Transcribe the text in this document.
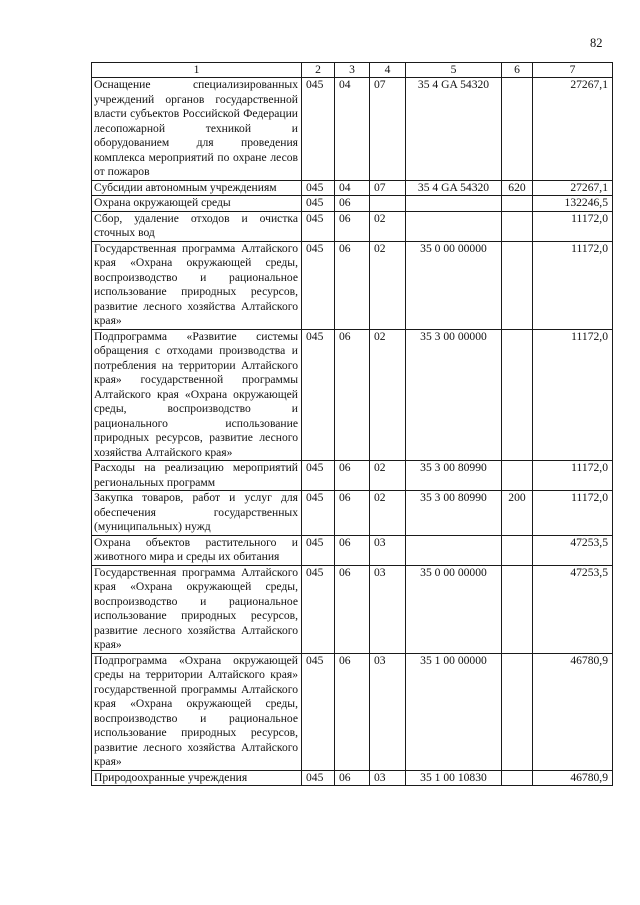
82
1	2	3	4	5	6	7
Оснащение специализированных учреждений органов государственной власти субъектов Российской Федерации лесопожарной техникой и оборудованием для проведения комплекса мероприятий по охране лесов от пожаров	045	04	07	35 4 GA 54320		27267,1
Субсидии автономным учреждениям	045	04	07	35 4 GA 54320	620	27267,1
Охрана окружающей среды	045	06				132246,5
Сбор, удаление отходов и очистка сточных вод	045	06	02			11172,0
Государственная программа Алтайского края «Охрана окружающей среды, воспроизводство и рациональное использование природных ресурсов, развитие лесного хозяйства Алтайского края»	045	06	02	35 0 00 00000		11172,0
Подпрограмма «Развитие системы обращения с отходами производства и потребления на территории Алтайского края» государственной программы Алтайского края «Охрана окружающей среды, воспроизводство и рационального использование природных ресурсов, развитие лесного хозяйства Алтайского края»	045	06	02	35 3 00 00000		11172,0
Расходы на реализацию мероприятий региональных программ	045	06	02	35 3 00 80990		11172,0
Закупка товаров, работ и услуг для обеспечения государственных (муниципальных) нужд	045	06	02	35 3 00 80990	200	11172,0
Охрана объектов растительного и животного мира и среды их обитания	045	06	03			47253,5
Государственная программа Алтайского края «Охрана окружающей среды, воспроизводство и рациональное использование природных ресурсов, развитие лесного хозяйства Алтайского края»	045	06	03	35 0 00 00000		47253,5
Подпрограмма «Охрана окружающей среды на территории Алтайского края» государственной программы Алтайского края «Охрана окружающей среды, воспроизводство и рациональное использование природных ресурсов, развитие лесного хозяйства Алтайского края»	045	06	03	35 1 00 00000		46780,9
Природоохранные учреждения	045	06	03	35 1 00 10830		46780,9
